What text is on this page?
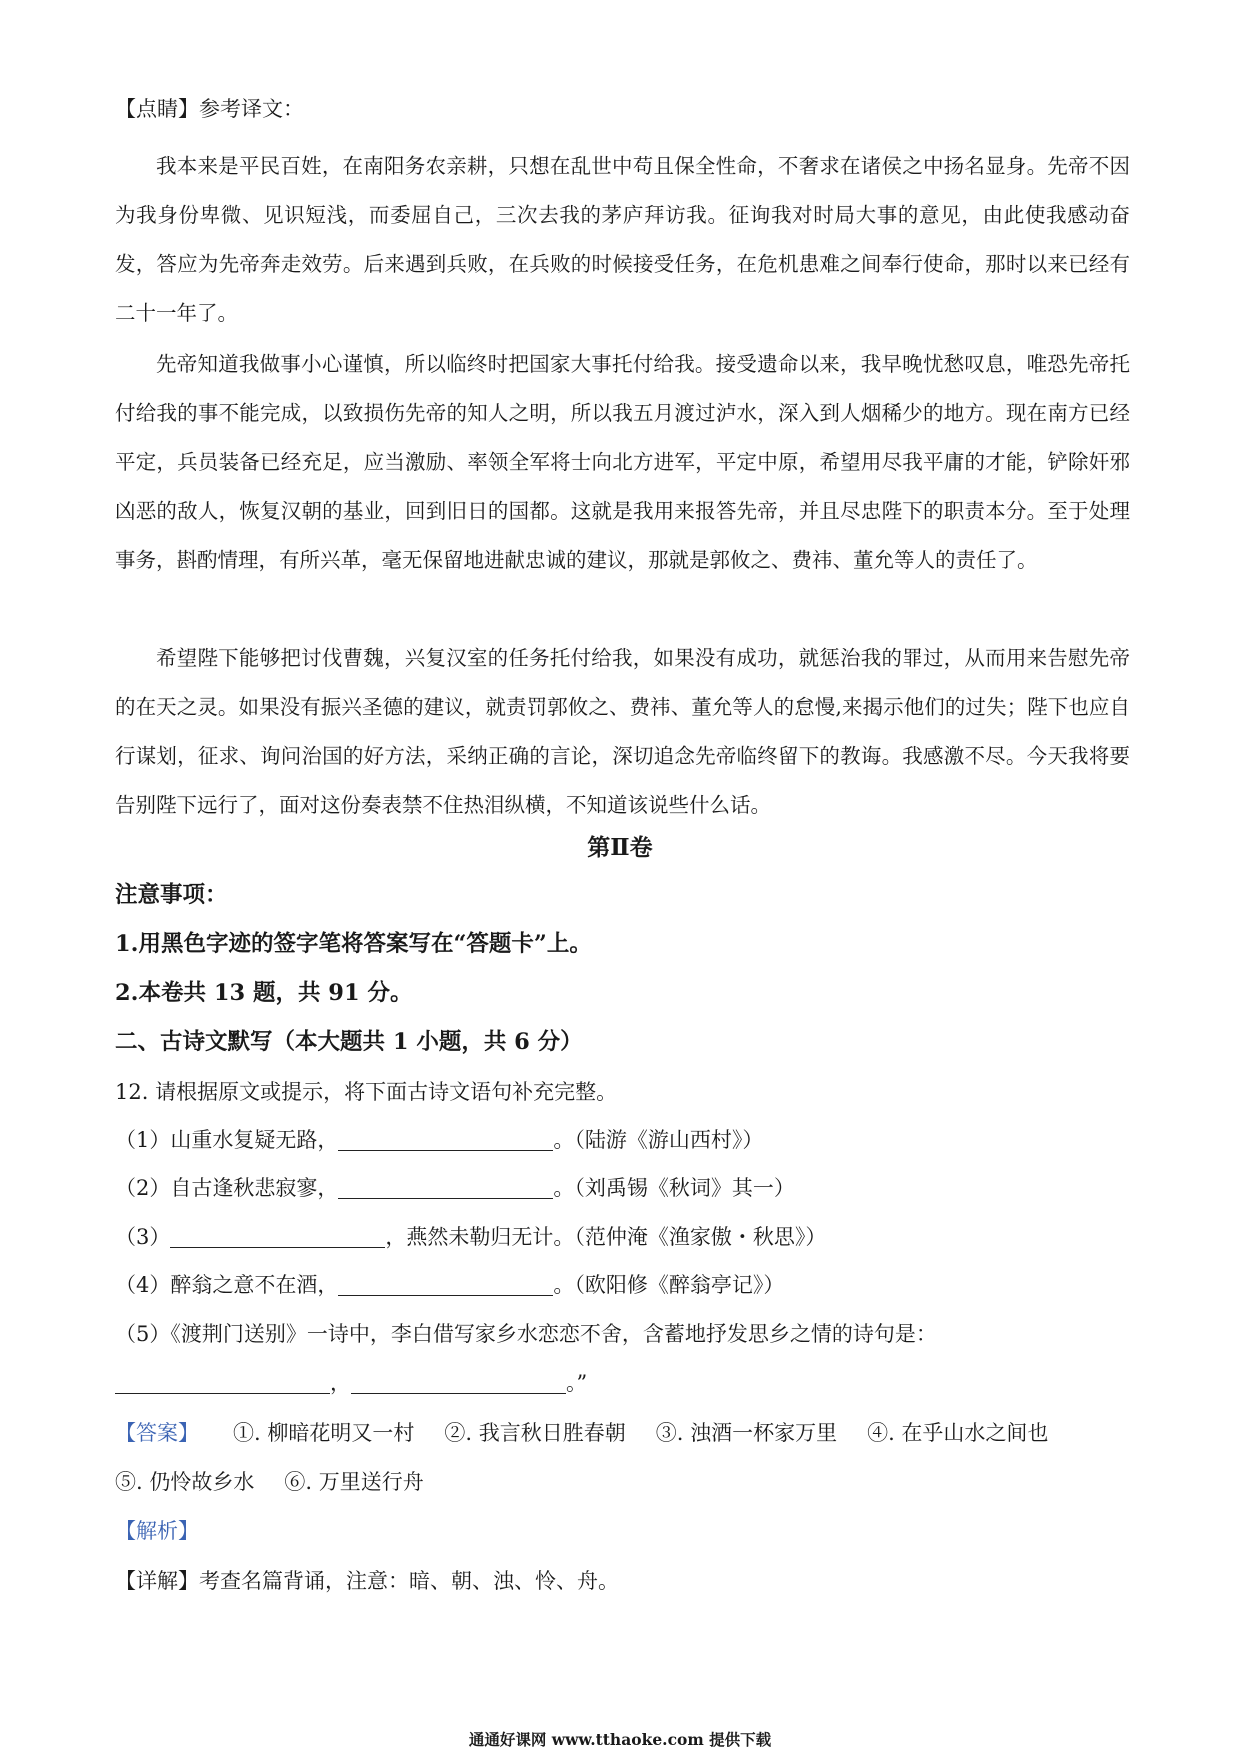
【点睛】参考译文：

我本来是平民百姓，在南阳务农亲耕，只想在乱世中苟且保全性命，不奢求在诸侯之中扬名显身。先帝不因为我身份卑微、见识短浅，而委屈自己，三次去我的茅庐拜访我。征询我对时局大事的意见，由此使我感动奋发，答应为先帝奔走效劳。后来遇到兵败，在兵败的时候接受任务，在危机患难之间奉行使命，那时以来已经有二十一年了。

先帝知道我做事小心谨慎，所以临终时把国家大事托付给我。接受遗命以来，我早晚忧愁叹息，唯恐先帝托付给我的事不能完成，以致损伤先帝的知人之明，所以我五月渡过泸水，深入到人烟稀少的地方。现在南方已经平定，兵员装备已经充足，应当激励、率领全军将士向北方进军，平定中原，希望用尽我平庸的才能，铲除奸邪凶恶的敌人，恢复汉朝的基业，回到旧日的国都。这就是我用来报答先帝，并且尽忠陛下的职责本分。至于处理事务，斟酌情理，有所兴革，毫无保留地进献忠诚的建议，那就是郭攸之、费祎、董允等人的责任了。

希望陛下能够把讨伐曹魏，兴复汉室的任务托付给我，如果没有成功，就惩治我的罪过，从而用来告慰先帝的在天之灵。如果没有振兴圣德的建议，就责罚郭攸之、费祎、董允等人的怠慢,来揭示他们的过失；陛下也应自行谋划，征求、询问治国的好方法，采纳正确的言论，深切追念先帝临终留下的教诲。我感激不尽。今天我将要告别陛下远行了，面对这份奏表禁不住热泪纵横，不知道该说些什么话。

第Ⅱ卷
注意事项：
1.用黑色字迹的签字笔将答案写在“答题卡”上。
2.本卷共 13 题，共 91 分。
二、古诗文默写（本大题共 1 小题，共 6 分）
12. 请根据原文或提示，将下面古诗文语句补充完整。
（1）山重水复疑无路，	。（陆游《游山西村》）
（2）自古逢秋悲寂寥，	。（刘禹锡《秋词》其一）
（3）	，燕然未勒归无计。（范仲淹《渔家傲・秋思》）
（4）醉翁之意不在酒，	。（欧阳修《醉翁亭记》）
（5）《渡荆门送别》一诗中，李白借写家乡水恋恋不舍，含蓄地抒发思乡之情的诗句是：
，	。”
【答案】 ①. 柳暗花明又一村 ②. 我言秋日胜春朝 ③. 浊酒一杯家万里 ④. 在乎山水之间也
⑤. 仍怜故乡水 ⑥. 万里送行舟
【解析】
【详解】考查名篇背诵，注意：暗、朝、浊、怜、舟。
通通好课网 www.tthaoke.com 提供下载
